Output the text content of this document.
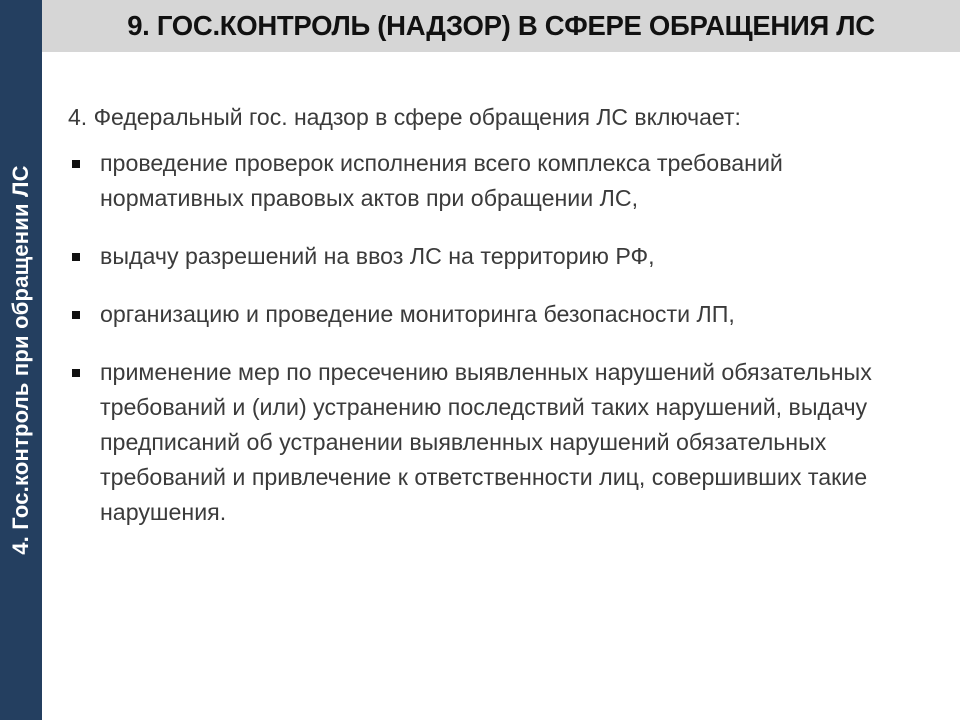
4. Гос.контроль при обращении ЛС
9. ГОС.КОНТРОЛЬ (НАДЗОР) В СФЕРЕ ОБРАЩЕНИЯ ЛС
4. Федеральный гос. надзор в сфере обращения ЛС включает:
проведение проверок исполнения всего комплекса требований нормативных правовых актов при обращении ЛС,
выдачу разрешений на ввоз ЛС на территорию РФ,
организацию и проведение мониторинга безопасности ЛП,
применение мер по пресечению выявленных нарушений обязательных требований и (или) устранению последствий таких нарушений, выдачу предписаний об устранении выявленных нарушений обязательных требований и привлечение к ответственности лиц, совершивших такие нарушения.
